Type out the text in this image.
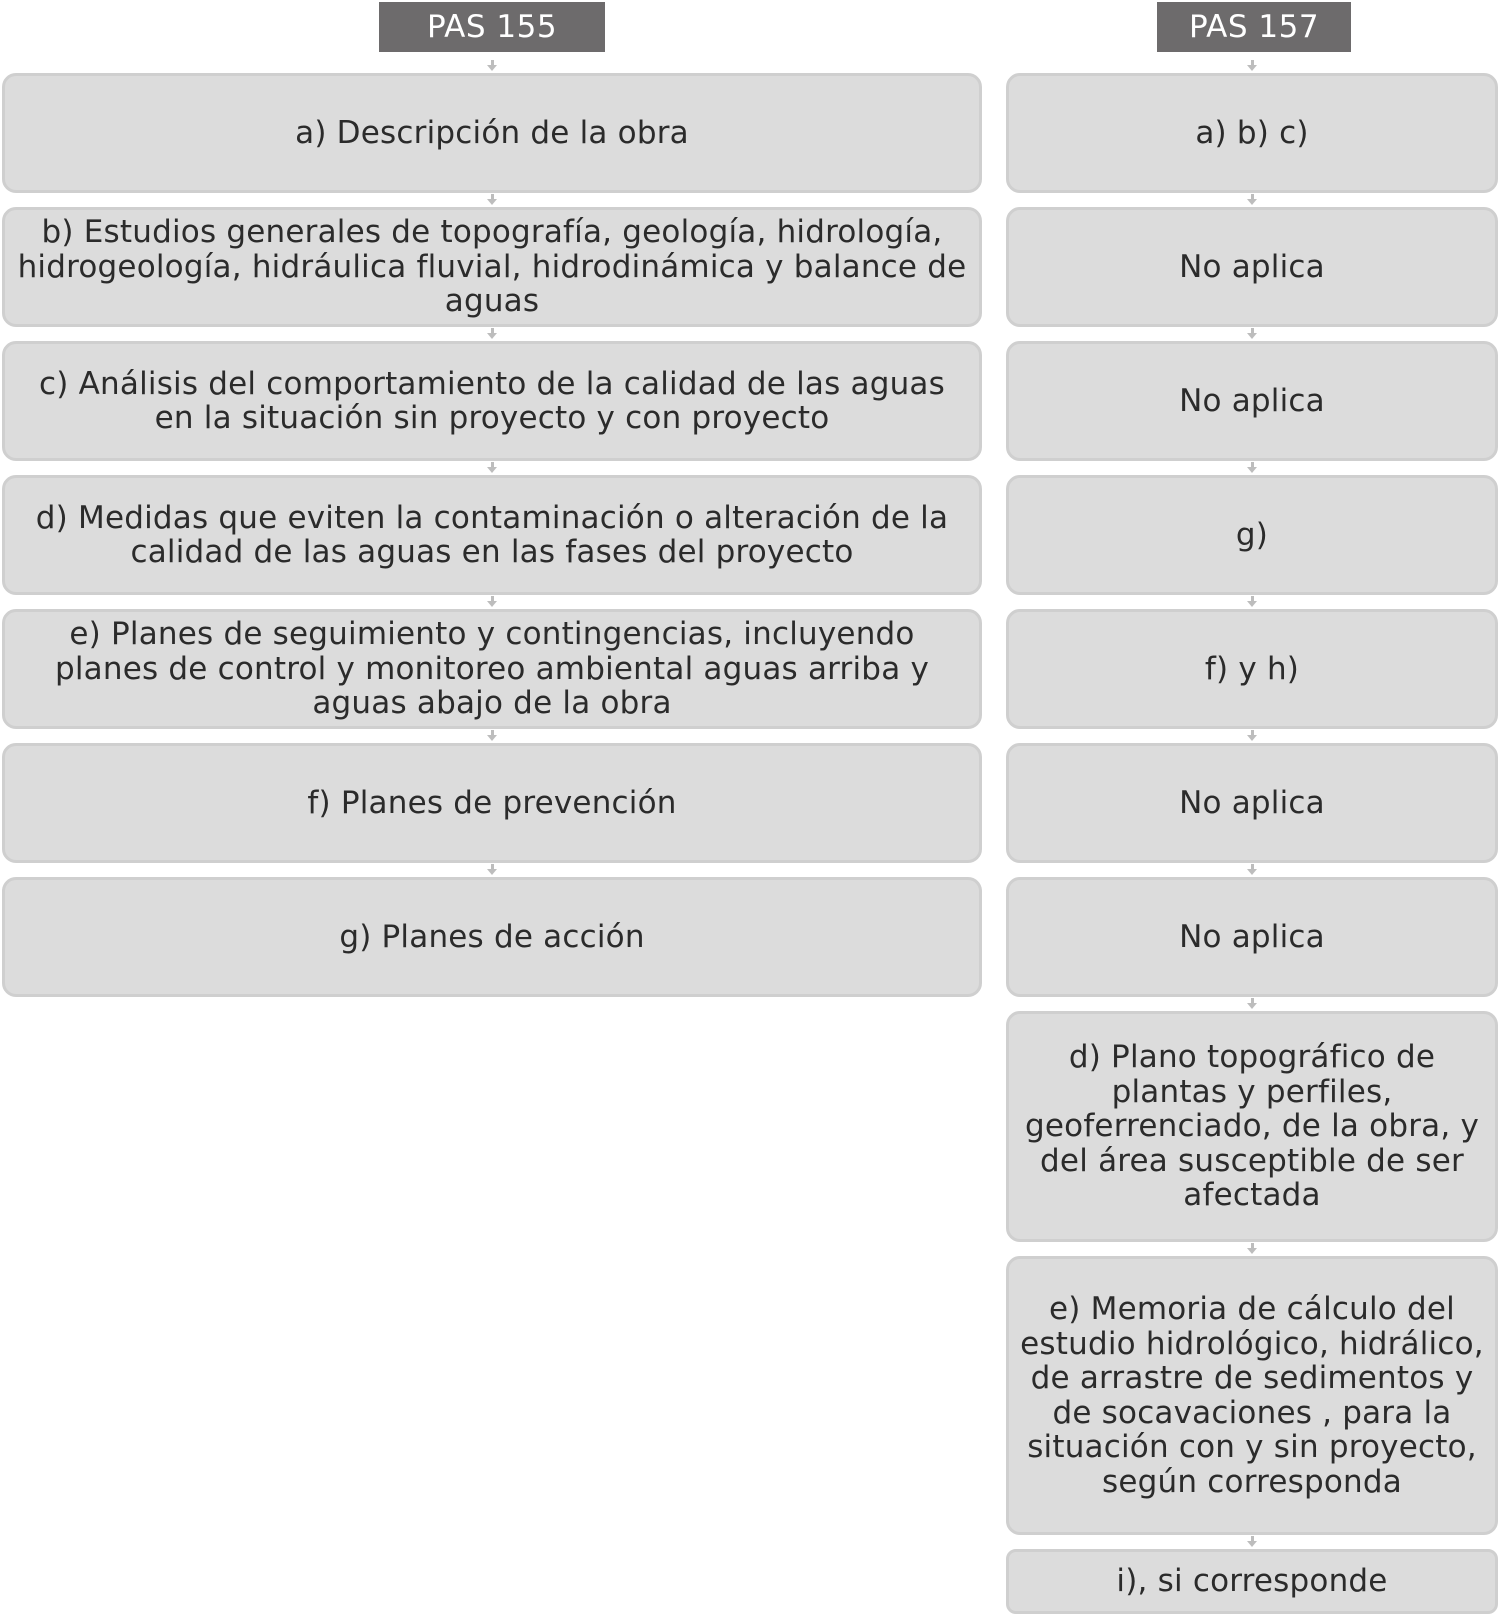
PAS 155	PAS 157
a) Descripción de la obra
b) Estudios generales de topografía, geología, hidrología, hidrogeología, hidráulica fluvial, hidrodinámica y balance de aguas
c) Análisis del comportamiento de la calidad de las aguas en la situación sin proyecto y con proyecto
d) Medidas que eviten la contaminación o alteración de la calidad de las aguas en las fases del proyecto
e) Planes de seguimiento y contingencias, incluyendo planes de control y monitoreo ambiental aguas arriba y aguas abajo de la obra
f) Planes de prevención
g) Planes de acción
a) b) c)
No aplica
No aplica
g)
f) y h)
No aplica
No aplica
d) Plano topográfico de plantas y perfiles, geoferrenciado, de la obra, y del área susceptible de ser afectada
e) Memoria de cálculo del estudio hidrológico, hidrálico, de arrastre de sedimentos y de socavaciones , para la situación con y sin proyecto, según corresponda
i), si corresponde
